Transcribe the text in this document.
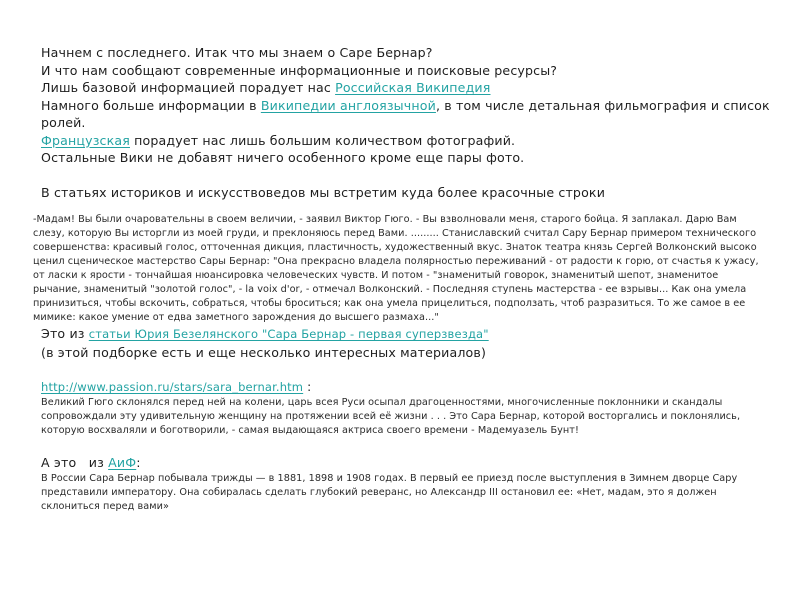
Начнем с последнего. Итак что мы знаем о Саре Бернар?

И что нам сообщают современные информационные и поисковые ресурсы?

Лишь базовой информацией порадует нас Российская Википедия

Намного больше информации в Википедии англоязычной, в том числе детальная фильмография и список ролей.

Французская порадует нас лишь большим количеством фотографий.

Остальные Вики не добавят ничего особенного кроме еще пары фото.

В статьях историков и искусствоведов мы встретим куда более красочные строки

-Мадам! Вы были очаровательны в своем величии, - заявил Виктор Гюго. - Вы взволновали меня, старого бойца. Я заплакал. Дарю Вам слезу, которую Вы исторгли из моей груди, и преклоняюсь перед Вами. ......... Станиславский считал Сару Бернар примером технического совершенства: красивый голос, отточенная дикция, пластичность, художественный вкус. Знаток театра князь Сергей Волконский высоко ценил сценическое мастерство Сары Бернар: "Она прекрасно владела полярностью переживаний - от радости к горю, от счастья к ужасу, от ласки к ярости - тончайшая нюансировка человеческих чувств. И потом - "знаменитый говорок, знаменитый шепот, знаменитое рычание, знаменитый "золотой голос", - la voix d'or, - отмечал Волконский. - Последняя ступень мастерства - ее взрывы... Как она умела принизиться, чтобы вскочить, собраться, чтобы броситься; как она умела прицелиться, подползать, чтоб разразиться. То же самое в ее мимике: какое умение от едва заметного зарождения до высшего размаха..."

Это из статьи Юрия Безелянского "Сара Бернар - первая суперзвезда"

(в этой подборке есть и еще несколько интересных материалов)

http://www.passion.ru/stars/sara_bernar.htm :

Великий Гюго склонялся перед ней на колени, царь всея Руси осыпал драгоценностями, многочисленные поклонники и скандалы сопровождали эту удивительную женщину на протяжении всей её жизни . . . Это Сара Бернар, которой восторгались и поклонялись, которую восхваляли и боготворили, - самая выдающаяся актриса своего времени - Мадемуазель Бунт!

А это   из АиФ:

В России Сара Бернар побывала трижды — в 1881, 1898 и 1908 годах. В первый ее приезд после выступления в Зимнем дворце Сару представили императору. Она собиралась сделать глубокий реверанс, но Александр III остановил ее: «Нет, мадам, это я должен склониться перед вами»
